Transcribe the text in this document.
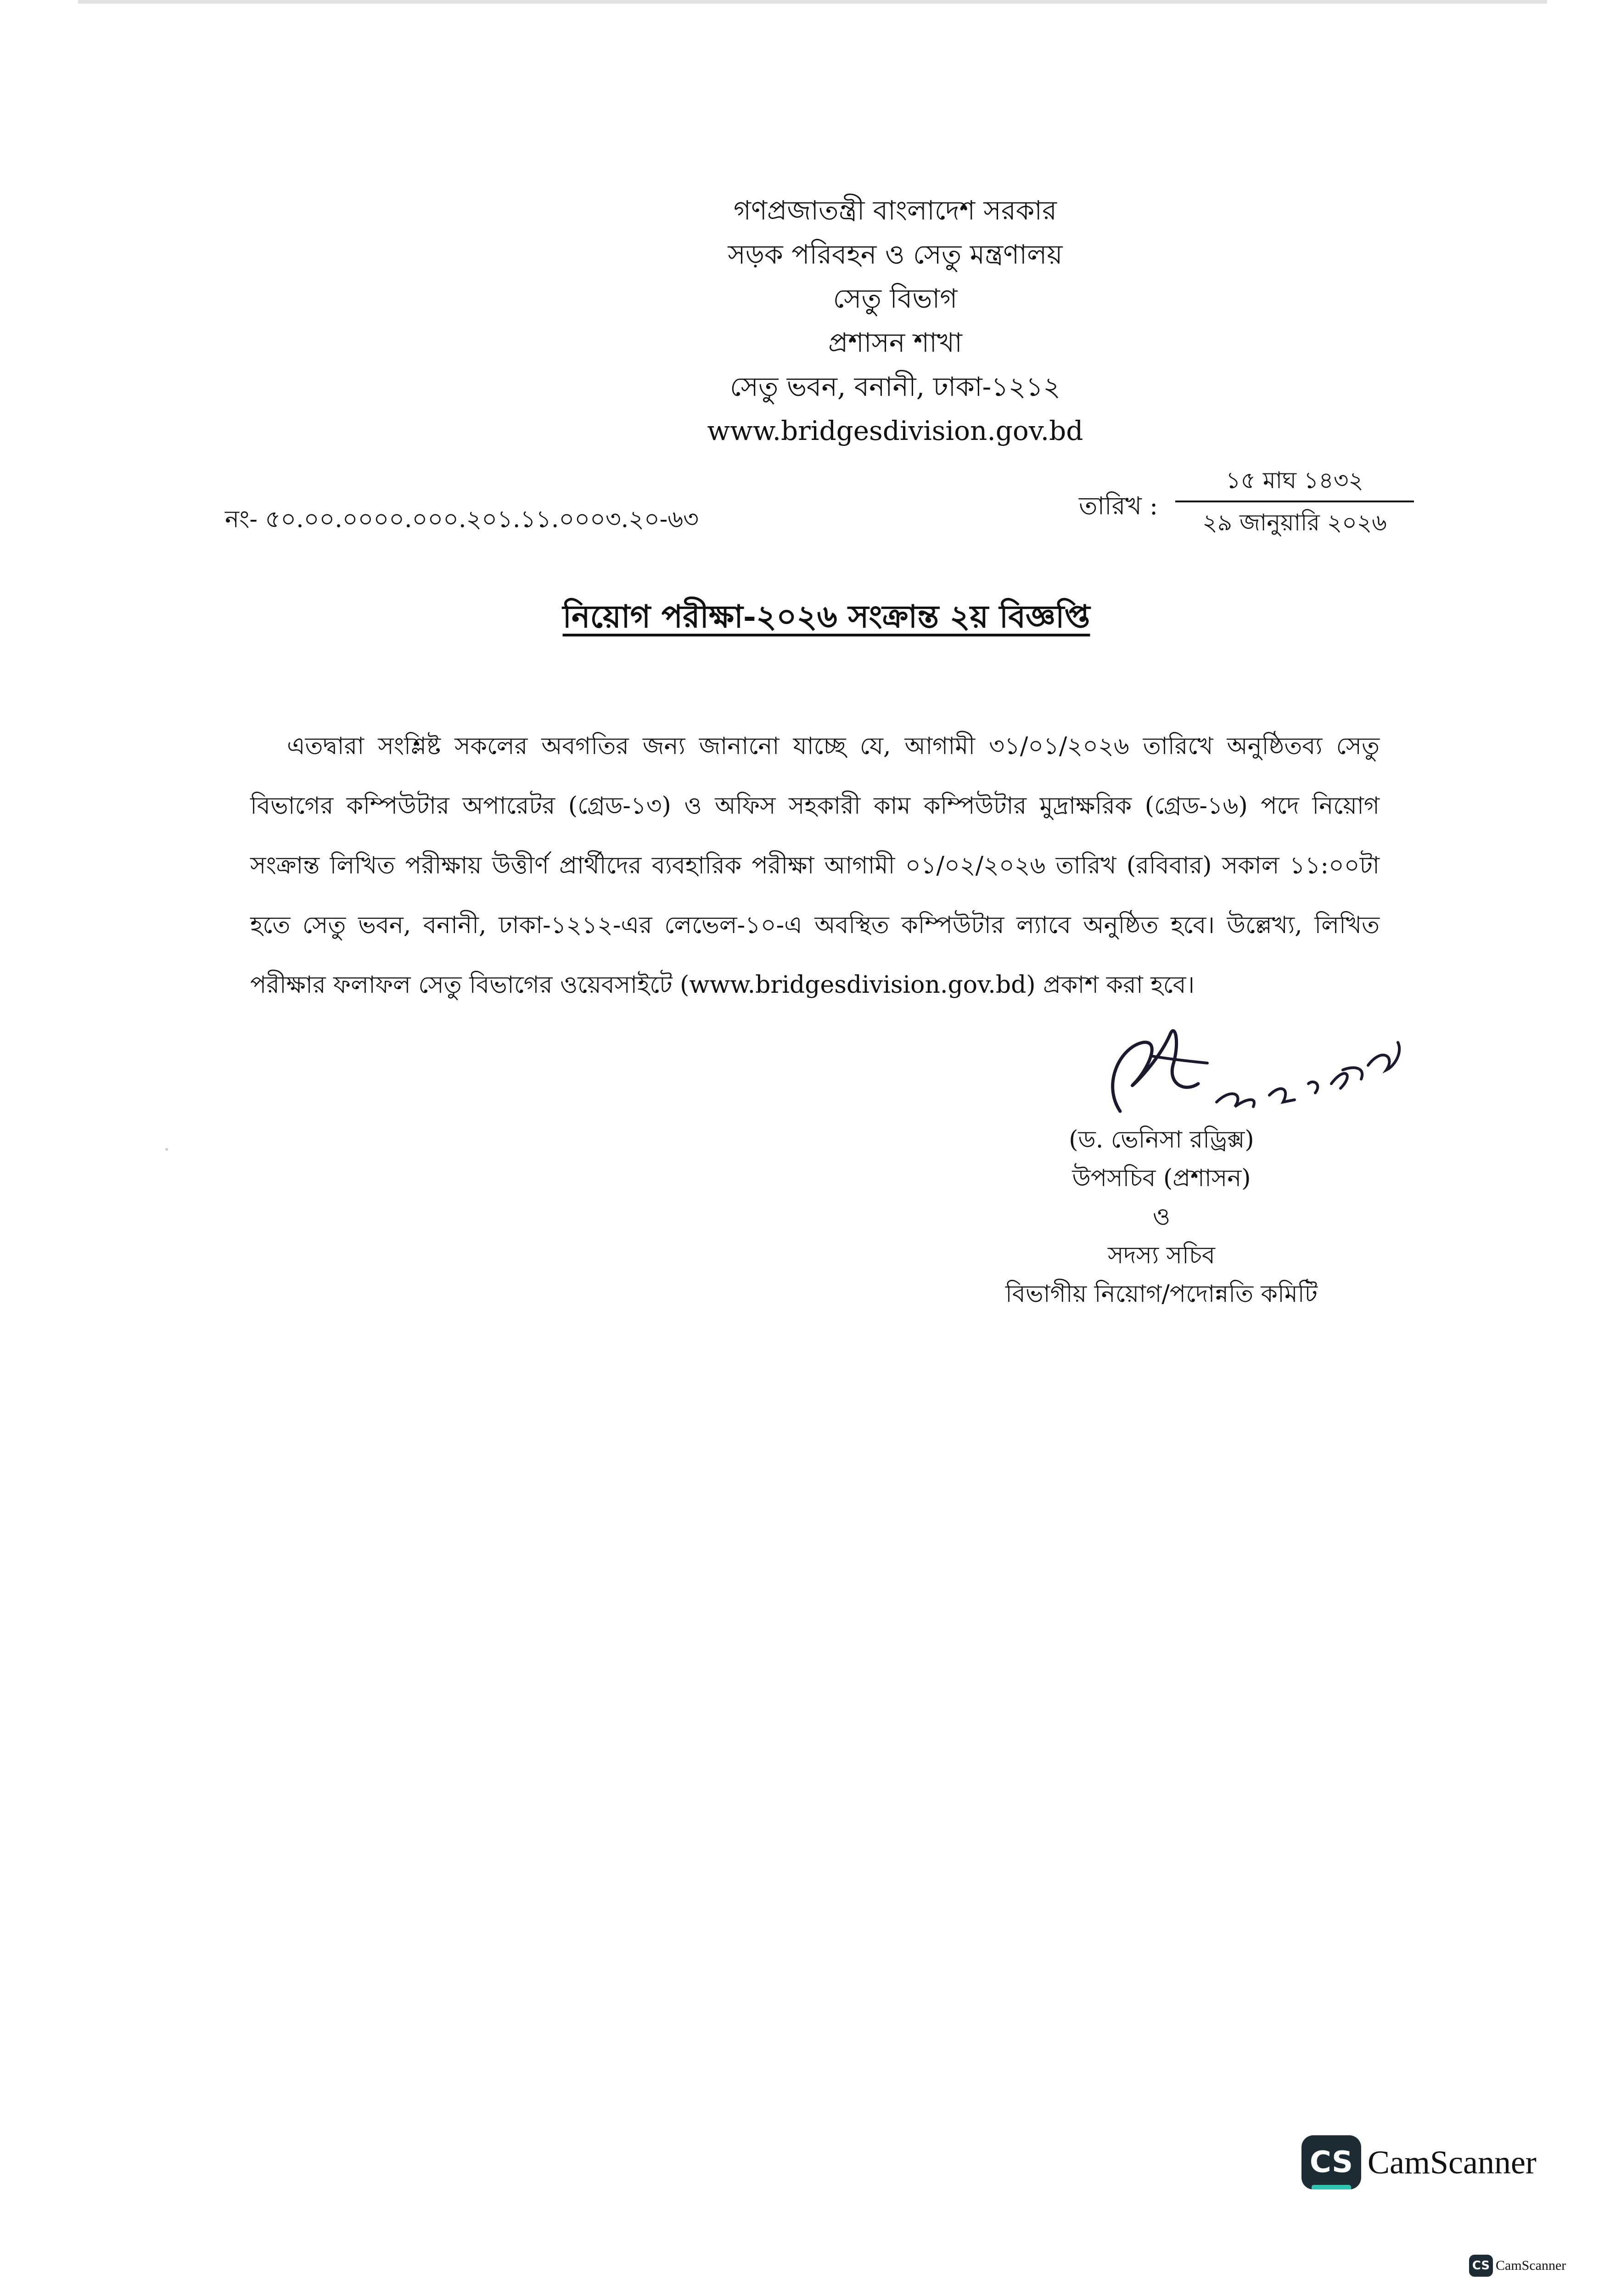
গণপ্রজাতন্ত্রী বাংলাদেশ সরকার
সড়ক পরিবহন ও সেতু মন্ত্রণালয়
সেতু বিভাগ
প্রশাসন শাখা
সেতু ভবন, বনানী, ঢাকা-১২১২
www.bridgesdivision.gov.bd
নং- ৫০.০০.০০০০.০০০.২০১.১১.০০০৩.২০-৬৩	তারিখ :
১৫ মাঘ ১৪৩২
২৯ জানুয়ারি ২০২৬
নিয়োগ পরীক্ষা-২০২৬ সংক্রান্ত ২য় বিজ্ঞপ্তি
এতদ্বারা সংশ্লিষ্ট সকলের অবগতির জন্য জানানো যাচ্ছে যে, আগামী ৩১/০১/২০২৬ তারিখে অনুষ্ঠিতব্য সেতু বিভাগের কম্পিউটার অপারেটর (গ্রেড-১৩) ও অফিস সহকারী কাম কম্পিউটার মুদ্রাক্ষরিক (গ্রেড-১৬) পদে নিয়োগ সংক্রান্ত লিখিত পরীক্ষায় উত্তীর্ণ প্রার্থীদের ব্যবহারিক পরীক্ষা আগামী ০১/০২/২০২৬ তারিখ (রবিবার) সকাল ১১:০০টা হতে সেতু ভবন, বনানী, ঢাকা-১২১২-এর লেভেল-১০-এ অবস্থিত কম্পিউটার ল্যাবে অনুষ্ঠিত হবে। উল্লেখ্য, লিখিত পরীক্ষার ফলাফল সেতু বিভাগের ওয়েবসাইটে (www.bridgesdivision.gov.bd) প্রকাশ করা হবে।
(ড. ভেনিসা রড্রিক্স)
উপসচিব (প্রশাসন)
ও
সদস্য সচিব
বিভাগীয় নিয়োগ/পদোন্নতি কমিটি
CS CamScanner
CS CamScanner
